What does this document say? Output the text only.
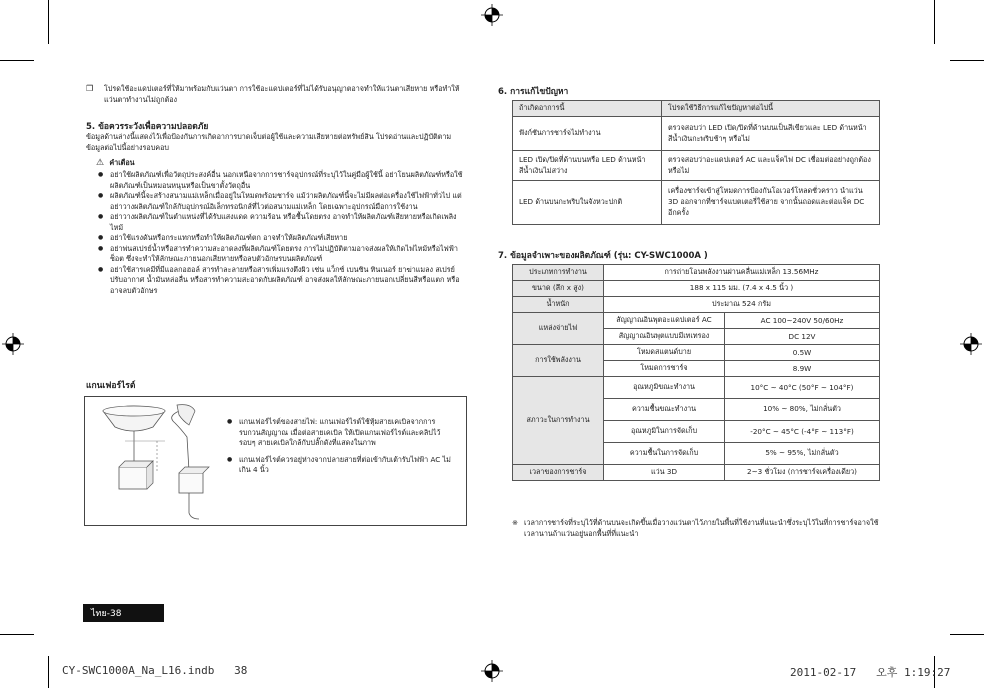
❒	โปรดใช้อะแดปเตอร์ที่ให้มาพร้อมกับแว่นตา การใช้อะแดปเตอร์ที่ไม่ได้รับอนุญาตอาจทำให้แว่นตาเสียหาย หรือทำให้แว่นตาทำงานไม่ถูกต้อง
5. ข้อควรระวังเพื่อความปลอดภัย
ข้อมูลด้านล่างนี้แสดงไว้เพื่อป้องกันการเกิดอาการบาดเจ็บต่อผู้ใช้และความเสียหายต่อทรัพย์สิน โปรดอ่านและปฏิบัติตามข้อมูลต่อไปนี้อย่างรอบคอบ
⚠ คำเตือน
● อย่าใช้ผลิตภัณฑ์เพื่อวัตถุประสงค์อื่น นอกเหนือจากการชาร์จอุปกรณ์ที่ระบุไว้ในคู่มือผู้ใช้นี้ อย่าโยนผลิตภัณฑ์หรือใช้ผลิตภัณฑ์เป็นหมอนหนุนหรือเป็นขาตั้งวัตถุอื่น
● ผลิตภัณฑ์นี้จะสร้างสนามแม่เหล็กเมื่ออยู่ในโหมดพร้อมชาร์จ แม้ว่าผลิตภัณฑ์นี้จะไม่มีผลต่อเครื่องใช้ไฟฟ้าทั่วไป แต่อย่าวางผลิตภัณฑ์ใกล้กับอุปกรณ์อิเล็กทรอนิกส์ที่ไวต่อสนามแม่เหล็ก โดยเฉพาะอุปกรณ์มือการใช้งาน
● อย่าวางผลิตภัณฑ์ในตำแหน่งที่ได้รับแสงแดด ความร้อน หรือชื้นโดยตรง อาจทำให้ผลิตภัณฑ์เสียหายหรือเกิดเพลิงไหม้
● อย่าใช้แรงดันหรือกระแทกหรือทำให้ผลิตภัณฑ์ตก อาจทำให้ผลิตภัณฑ์เสียหาย
● อย่าพ่นสเปรย์น้ำหรือสารทำความสะอาดลงที่ผลิตภัณฑ์โดยตรง การไม่ปฏิบัติตามอาจส่งผลให้เกิดไฟไหม้หรือไฟฟ้าช็อต ซึ่งจะทำให้ลักษณะภายนอกเสียหายหรือลบตัวอักษรบนผลิตภัณฑ์
● อย่าใช้สารเคมีที่มีแอลกอฮอล์ สารทำละลายหรือสารเพิ่มแรงตึงผิว เช่น แว็กซ์ เบนซิน ทินเนอร์ ยาฆ่าแมลง สเปรย์ปรับอากาศ น้ำมันหล่อลื่น หรือสารทำความสะอาดกับผลิตภัณฑ์ อาจส่งผลให้ลักษณะภายนอกเปลี่ยนสีหรือแตก หรืออาจลบตัวอักษร
แกนเฟอร์ไรต์
● แกนเฟอร์ไรต์ของสายไฟ: แกนเฟอร์ไรต์ใช้หุ้มสายเคเบิลจากการรบกวนสัญญาณ เมื่อต่อสายเคเบิล ให้เปิดแกนเฟอร์ไรต์และคลิปไว้รอบๆ สายเคเบิลใกล้กับปลั๊กดังที่แสดงในภาพ
● แกนเฟอร์ไรต์ควรอยู่ห่างจากปลายสายที่ต่อเข้ากับเต้ารับไฟฟ้า AC ไม่เกิน 4 นิ้ว
ไทย-38
6. การแก้ไขปัญหา
ถ้าเกิดอาการนี้	โปรดใช้วิธีการแก้ไขปัญหาต่อไปนี้
ฟังก์ชันการชาร์จไม่ทำงาน	ตรวจสอบว่า LED เปิด/ปิดที่ด้านบนเป็นสีเขียวและ LED ด้านหน้าสีน้ำเงินกะพริบช้าๆ หรือไม่
LED เปิด/ปิดที่ด้านบนหรือ LED ด้านหน้าสีน้ำเงินไม่สว่าง	ตรวจสอบว่าอะแดปเตอร์ AC และแจ็คไฟ DC เชื่อมต่ออย่างถูกต้องหรือไม่
LED ด้านบนกะพริบในจังหวะปกติ	เครื่องชาร์จเข้าสู่โหมดการป้องกันโอเวอร์โหลดชั่วคราว นำแว่น 3D ออกจากที่ชาร์จแบตเตอรี่ใช้สาย จากนั้นถอดและต่อแจ็ค DC อีกครั้ง
7. ข้อมูลจำเพาะของผลิตภัณฑ์ (รุ่น: CY-SWC1000A )
ประเภทการทำงาน	การถ่ายโอนพลังงานผ่านคลื่นแม่เหล็ก 13.56MHz	
ขนาด (ลึก x สูง)	188 x 115 มม. (7.4 x 4.5 นิ้ว )	
น้ำหนัก	ประมาณ 524 กรัม	
แหล่งจ่ายไฟ	สัญญาณอินพุตอะแดปเตอร์ AC	AC 100~240V 50/60Hz
	สัญญาณอินพุตแบบมีเทเทรอง	DC 12V
การใช้พลังงาน	โหมดสแตนด์บาย	0.5W
	โหมดการชาร์จ	8.9W
สภาวะในการทำงาน	อุณหภูมิขณะทำงาน	10°C ~ 40°C (50°F ~ 104°F)
	ความชื้นขณะทำงาน	10% ~ 80%, ไม่กลั่นตัว
	อุณหภูมิในการจัดเก็บ	-20°C ~ 45°C (-4°F ~ 113°F)
	ความชื้นในการจัดเก็บ	5% ~ 95%, ไม่กลั่นตัว
เวลาของการชาร์จ	แว่น 3D	2~3 ชั่วโมง (การชาร์จเครื่องเดียว)
※ เวลาการชาร์จที่ระบุไว้ที่ด้านบนจะเกิดขึ้นเมื่อวางแว่นตาไว้ภายในพื้นที่ใช้งานที่แนะนำซึ่งระบุไว้ในที่การชาร์จอาจใช้เวลานานถ้าแว่นอยู่นอกพื้นที่ที่แนะนำ
CY-SWC1000A_Na_L16.indb   38	2011-02-17   오후 1:19:27
